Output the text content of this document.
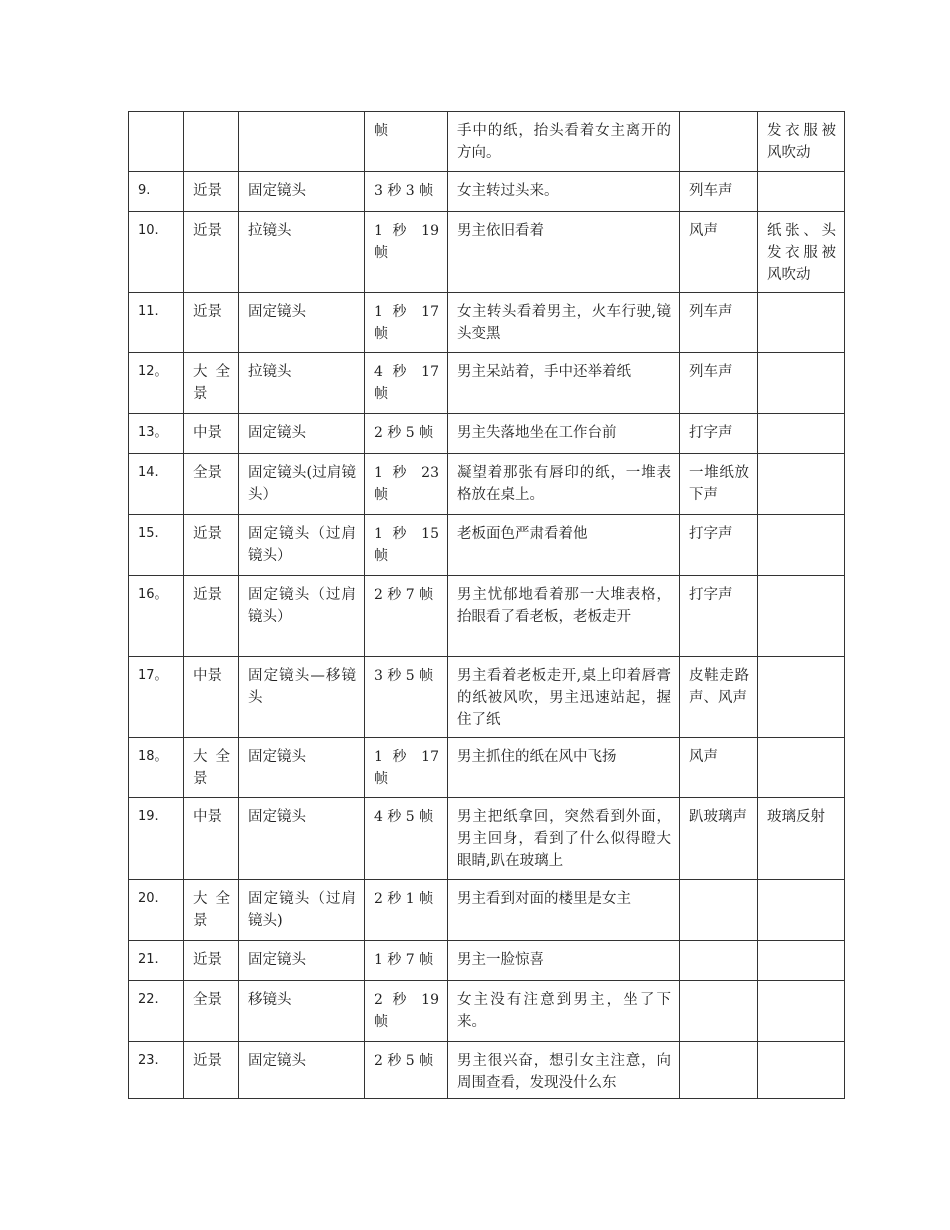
			帧	手中的纸，抬头看着女主离开的方向。		发衣服被风吹动
9.	近景	固定镜头	3 秒 3 帧	女主转过头来。	列车声	
10.	近景	拉镜头	1 秒 19 帧	男主依旧看着	风声	纸张、头发衣服被风吹动
11.	近景	固定镜头	1 秒 17 帧	女主转头看着男主，火车行驶,镜头变黑	列车声	
12。	大全景	拉镜头	4 秒 17 帧	男主呆站着，手中还举着纸	列车声	
13。	中景	固定镜头	2 秒 5 帧	男主失落地坐在工作台前	打字声	
14.	全景	固定镜头(过肩镜头）	1 秒 23 帧	凝望着那张有唇印的纸，一堆表格放在桌上。	一堆纸放下声	
15.	近景	固定镜头（过肩镜头）	1 秒 15 帧	老板面色严肃看着他	打字声	
16。	近景	固定镜头（过肩镜头）	2 秒 7 帧	男主忧郁地看着那一大堆表格，抬眼看了看老板，老板走开	打字声	
17。	中景	固定镜头—移镜头	3 秒 5 帧	男主看着老板走开,桌上印着唇膏的纸被风吹，男主迅速站起，握住了纸	皮鞋走路声、风声	
18。	大全景	固定镜头	1 秒 17 帧	男主抓住的纸在风中飞扬	风声	
19.	中景	固定镜头	4 秒 5 帧	男主把纸拿回，突然看到外面，男主回身，看到了什么似得瞪大眼睛,趴在玻璃上	趴玻璃声	玻璃反射
20.	大全景	固定镜头（过肩镜头)	2 秒 1 帧	男主看到对面的楼里是女主		
21.	近景	固定镜头	1 秒 7 帧	男主一脸惊喜		
22.	全景	移镜头	2 秒 19 帧	女主没有注意到男主，坐了下来。		
23.	近景	固定镜头	2 秒 5 帧	男主很兴奋，想引女主注意，向周围查看，发现没什么东		
